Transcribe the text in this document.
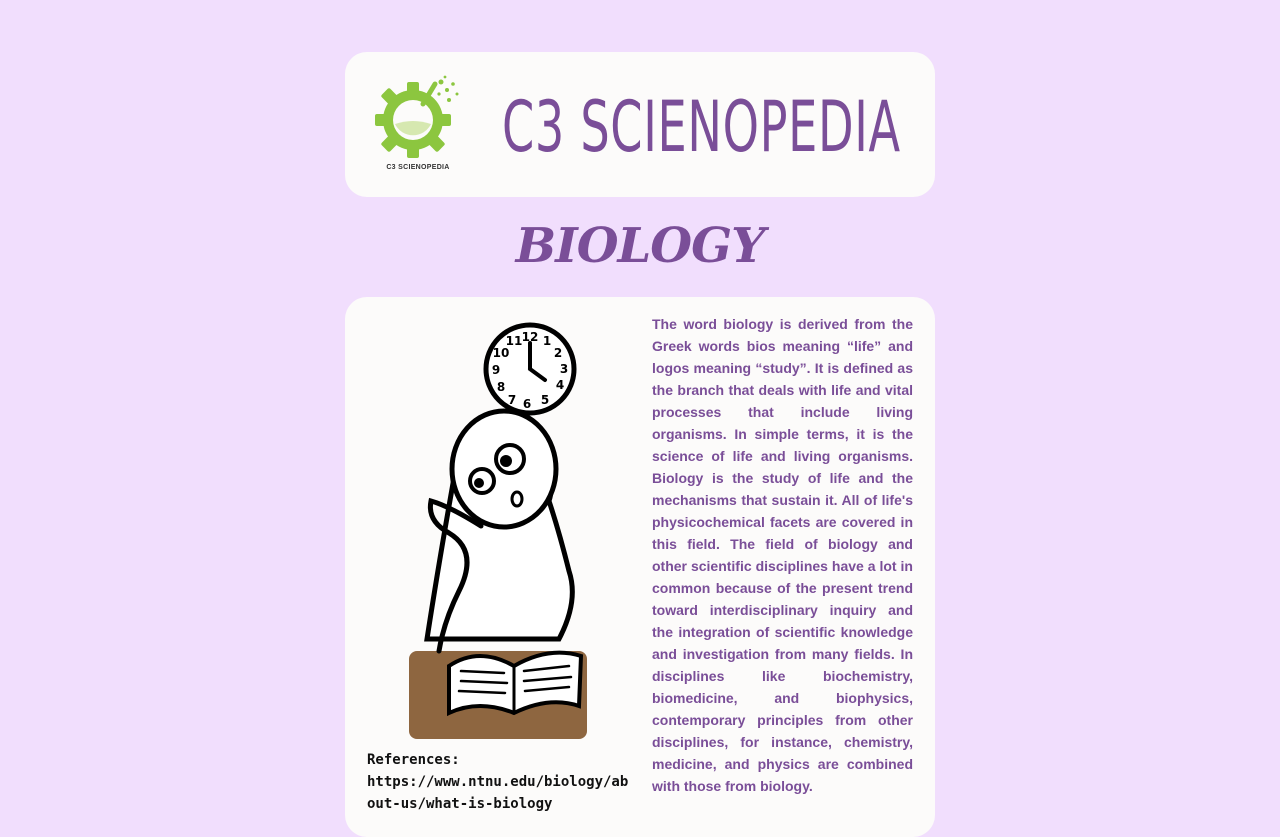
C3 SCIENOPEDIA C3 SCIENOPEDIA
BIOLOGY
12 1
2
3
4
5
6
7
8
9
10
11
References:
https://www.ntnu.edu/biology/about-us/what-is-biology

The word biology is derived from the Greek words bios meaning “life” and logos meaning “study”. It is defined as the branch that deals with life and vital processes that include living organisms. In simple terms, it is the science of life and living organisms. Biology is the study of life and the mechanisms that sustain it. All of life's physicochemical facets are covered in this field. The field of biology and other scientific disciplines have a lot in common because of the present trend toward interdisciplinary inquiry and the integration of scientific knowledge and investigation from many fields. In disciplines like biochemistry, biomedicine, and biophysics, contemporary principles from other disciplines, for instance, chemistry, medicine, and physics are combined with those from biology.
